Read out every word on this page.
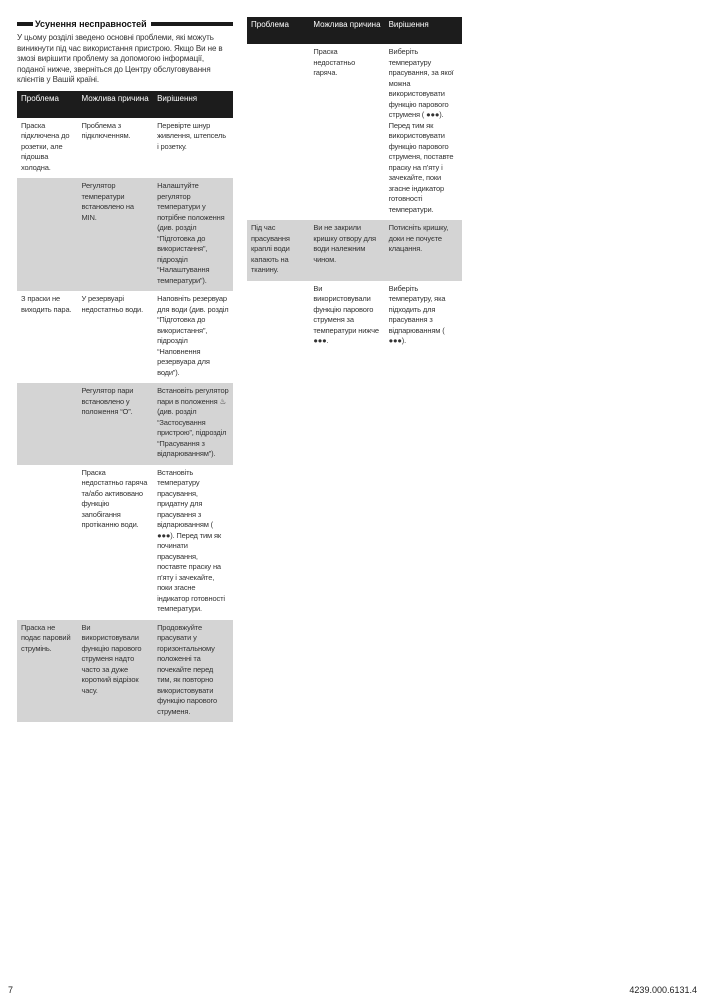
Усунення несправностей
У цьому розділі зведено основні проблеми, які можуть виникнути під час використання пристрою. Якщо Ви не в змозі вирішити проблему за допомогою інформації, поданої нижче, зверніться до Центру обслуговування клієнтів у Вашій країні.
Проблема	Можлива причина	Вирішення
Праска підключена до розетки, але підошва холодна.	Проблема з підключенням.	Перевірте шнур живлення, штепсель і розетку.
	Регулятор температури встановлено на MIN.	Налаштуйте регулятор температури у потрібне положення (див. розділ “Підготовка до використання”, підрозділ “Налаштування температури”).
З праски не виходить пара.	У резервуарі недостатньо води.	Наповніть резервуар для води (див. розділ “Підготовка до використання”, підрозділ “Наповнення резервуара для води”).
	Регулятор пари встановлено у положення “O”.	Встановіть регулятор пари в положення ♨ (див. розділ “Застосування пристрою”, підрозділ “Прасування з відпарюванням”).
	Праска недостатньо гаряча та/або активовано функцію запобігання протіканню води.	Встановіть температуру прасування, придатну для прасування з відпарюванням ( ●●●). Перед тим як починати прасування, поставте праску на п’яту і зачекайте, поки згасне індикатор готовності температури.
Праска не подає паровий струмінь.	Ви використовували функцію парового струменя надто часто за дуже короткий відрізок часу.	Продовжуйте прасувати у горизонтальному положенні та почекайте перед тим, як повторно використовувати функцію парового струменя.
Проблема	Можлива причина	Вирішення
	Праска недостатньо гаряча.	Виберіть температуру прасування, за якої можна використовувати функцію парового струменя ( ●●●). Перед тим як використовувати функцію парового струменя, поставте праску на п’яту і зачекайте, поки згасне індикатор готовності температури.
Під час прасування краплі води капають на тканину.	Ви не закрили кришку отвору для води належним чином.	Потисніть кришку, доки не почуєте клацання.
	Ви використовували функцію парового струменя за температури нижче ●●●.	Виберіть температуру, яка підходить для прасування з відпарюванням ( ●●●).
7	4239.000.6131.4
